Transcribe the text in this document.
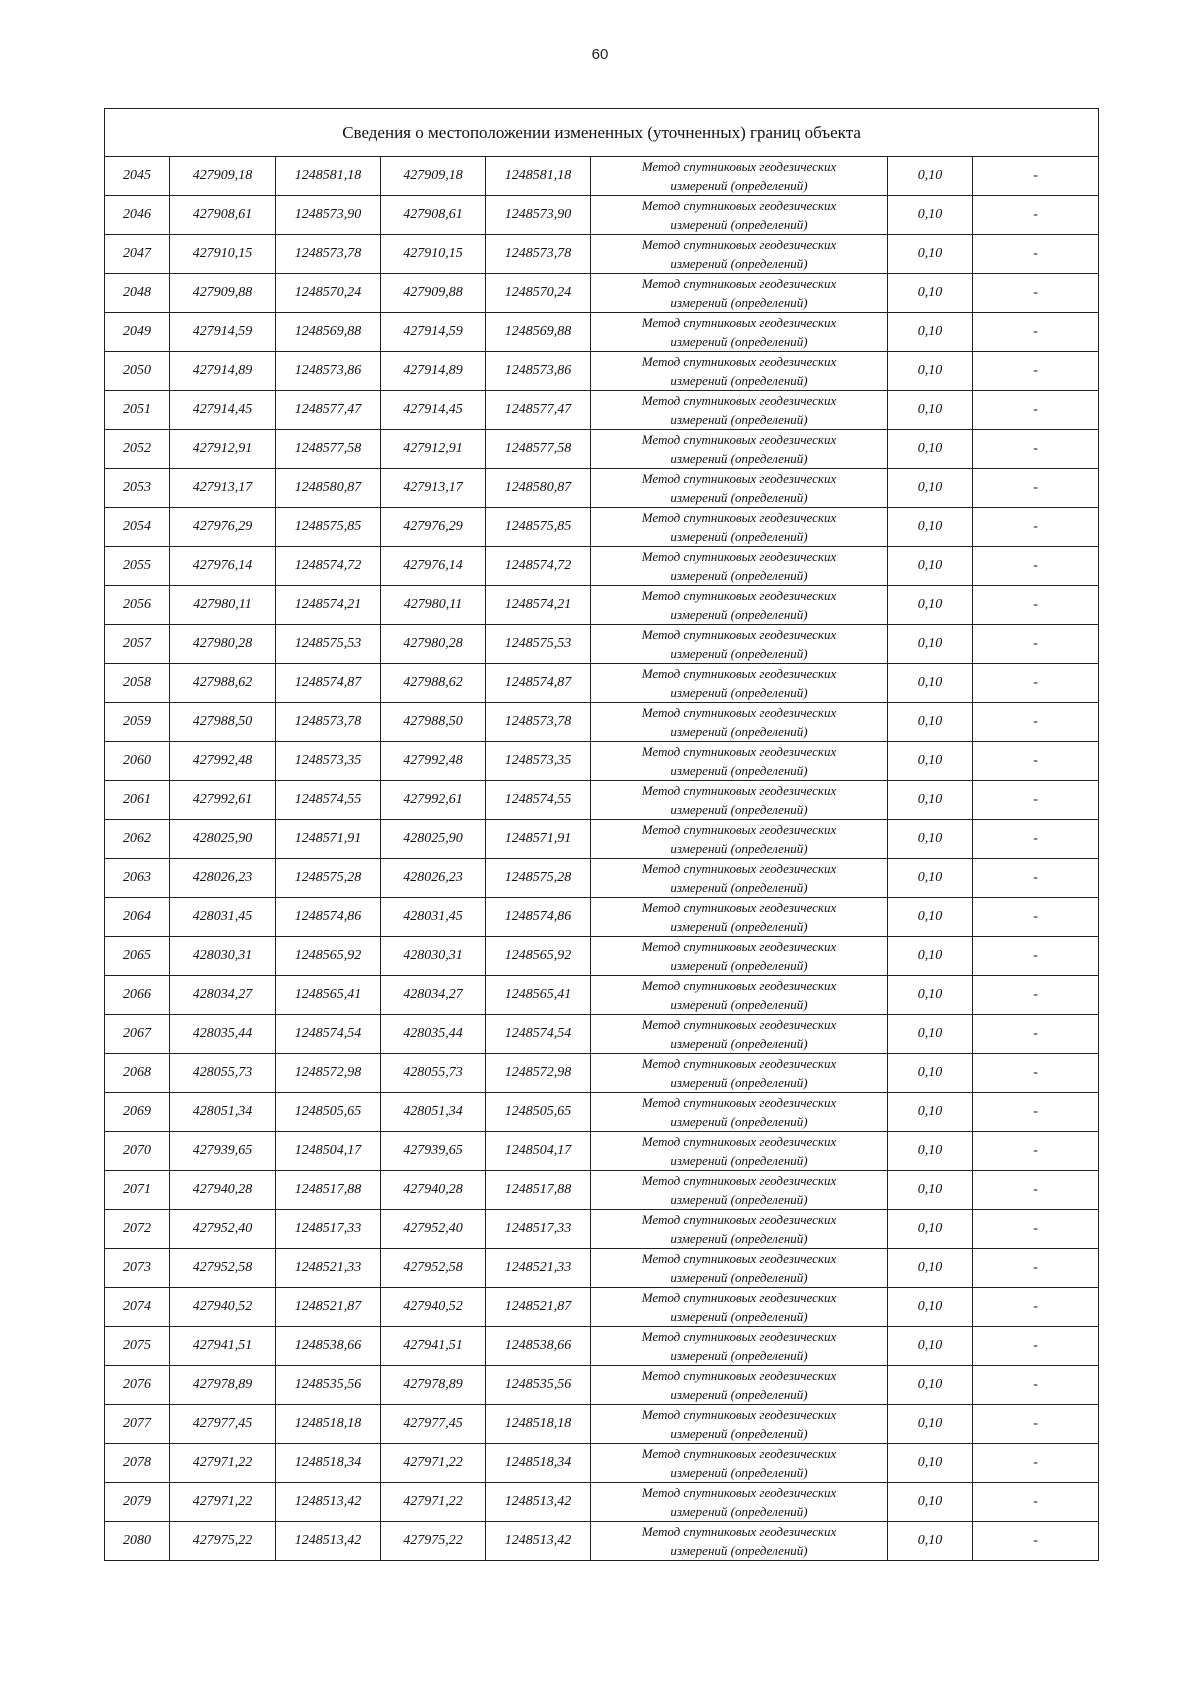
60
Сведения о местоположении измененных (уточненных) границ объекта							
2045	427909,18	1248581,18	427909,18	1248581,18	Метод спутниковых геодезических
измерений (определений)	0,10	-
2046	427908,61	1248573,90	427908,61	1248573,90	Метод спутниковых геодезических
измерений (определений)	0,10	-
2047	427910,15	1248573,78	427910,15	1248573,78	Метод спутниковых геодезических
измерений (определений)	0,10	-
2048	427909,88	1248570,24	427909,88	1248570,24	Метод спутниковых геодезических
измерений (определений)	0,10	-
2049	427914,59	1248569,88	427914,59	1248569,88	Метод спутниковых геодезических
измерений (определений)	0,10	-
2050	427914,89	1248573,86	427914,89	1248573,86	Метод спутниковых геодезических
измерений (определений)	0,10	-
2051	427914,45	1248577,47	427914,45	1248577,47	Метод спутниковых геодезических
измерений (определений)	0,10	-
2052	427912,91	1248577,58	427912,91	1248577,58	Метод спутниковых геодезических
измерений (определений)	0,10	-
2053	427913,17	1248580,87	427913,17	1248580,87	Метод спутниковых геодезических
измерений (определений)	0,10	-
2054	427976,29	1248575,85	427976,29	1248575,85	Метод спутниковых геодезических
измерений (определений)	0,10	-
2055	427976,14	1248574,72	427976,14	1248574,72	Метод спутниковых геодезических
измерений (определений)	0,10	-
2056	427980,11	1248574,21	427980,11	1248574,21	Метод спутниковых геодезических
измерений (определений)	0,10	-
2057	427980,28	1248575,53	427980,28	1248575,53	Метод спутниковых геодезических
измерений (определений)	0,10	-
2058	427988,62	1248574,87	427988,62	1248574,87	Метод спутниковых геодезических
измерений (определений)	0,10	-
2059	427988,50	1248573,78	427988,50	1248573,78	Метод спутниковых геодезических
измерений (определений)	0,10	-
2060	427992,48	1248573,35	427992,48	1248573,35	Метод спутниковых геодезических
измерений (определений)	0,10	-
2061	427992,61	1248574,55	427992,61	1248574,55	Метод спутниковых геодезических
измерений (определений)	0,10	-
2062	428025,90	1248571,91	428025,90	1248571,91	Метод спутниковых геодезических
измерений (определений)	0,10	-
2063	428026,23	1248575,28	428026,23	1248575,28	Метод спутниковых геодезических
измерений (определений)	0,10	-
2064	428031,45	1248574,86	428031,45	1248574,86	Метод спутниковых геодезических
измерений (определений)	0,10	-
2065	428030,31	1248565,92	428030,31	1248565,92	Метод спутниковых геодезических
измерений (определений)	0,10	-
2066	428034,27	1248565,41	428034,27	1248565,41	Метод спутниковых геодезических
измерений (определений)	0,10	-
2067	428035,44	1248574,54	428035,44	1248574,54	Метод спутниковых геодезических
измерений (определений)	0,10	-
2068	428055,73	1248572,98	428055,73	1248572,98	Метод спутниковых геодезических
измерений (определений)	0,10	-
2069	428051,34	1248505,65	428051,34	1248505,65	Метод спутниковых геодезических
измерений (определений)	0,10	-
2070	427939,65	1248504,17	427939,65	1248504,17	Метод спутниковых геодезических
измерений (определений)	0,10	-
2071	427940,28	1248517,88	427940,28	1248517,88	Метод спутниковых геодезических
измерений (определений)	0,10	-
2072	427952,40	1248517,33	427952,40	1248517,33	Метод спутниковых геодезических
измерений (определений)	0,10	-
2073	427952,58	1248521,33	427952,58	1248521,33	Метод спутниковых геодезических
измерений (определений)	0,10	-
2074	427940,52	1248521,87	427940,52	1248521,87	Метод спутниковых геодезических
измерений (определений)	0,10	-
2075	427941,51	1248538,66	427941,51	1248538,66	Метод спутниковых геодезических
измерений (определений)	0,10	-
2076	427978,89	1248535,56	427978,89	1248535,56	Метод спутниковых геодезических
измерений (определений)	0,10	-
2077	427977,45	1248518,18	427977,45	1248518,18	Метод спутниковых геодезических
измерений (определений)	0,10	-
2078	427971,22	1248518,34	427971,22	1248518,34	Метод спутниковых геодезических
измерений (определений)	0,10	-
2079	427971,22	1248513,42	427971,22	1248513,42	Метод спутниковых геодезических
измерений (определений)	0,10	-
2080	427975,22	1248513,42	427975,22	1248513,42	Метод спутниковых геодезических
измерений (определений)	0,10	-
